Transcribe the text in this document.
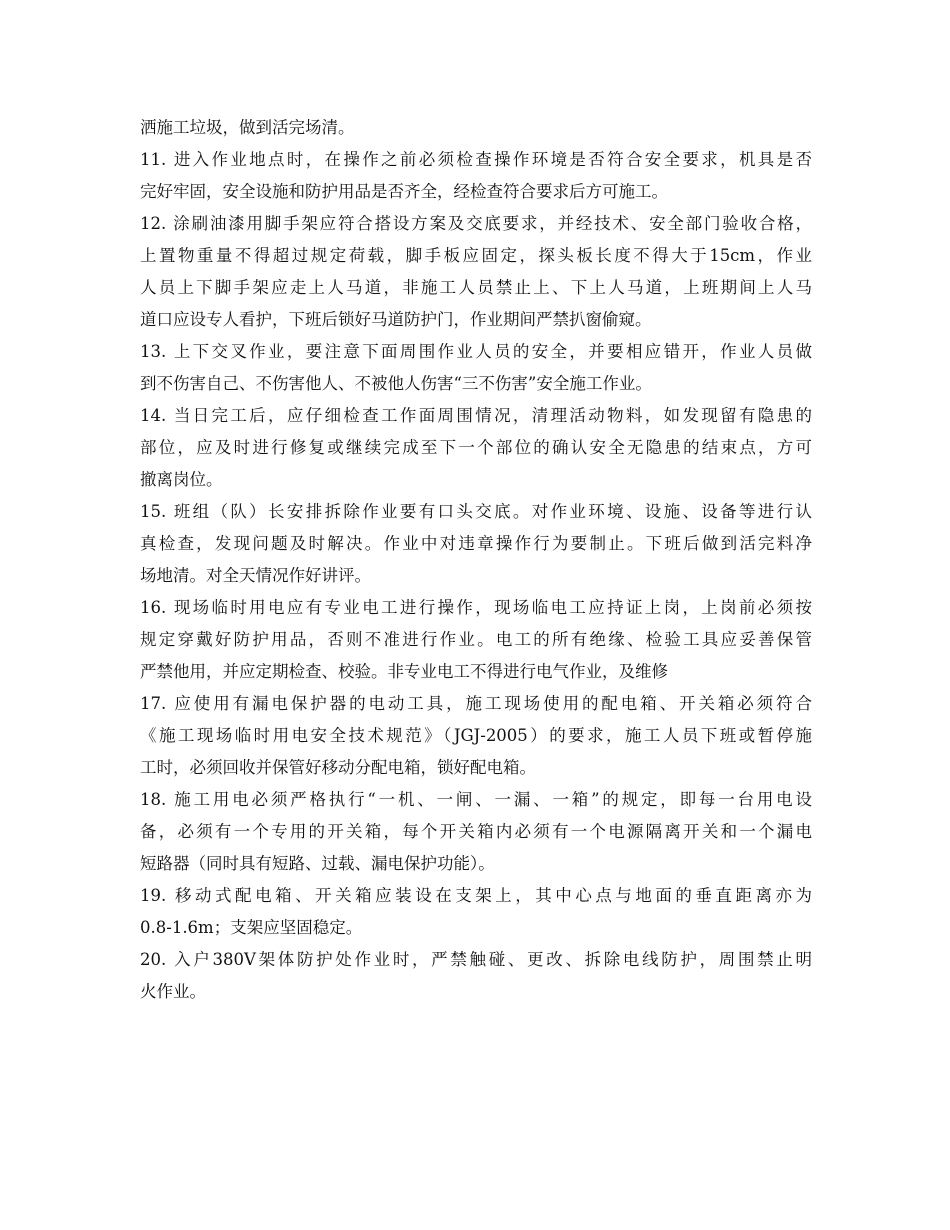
洒施工垃圾，做到活完场清。
11. 进入作业地点时，在操作之前必须检查操作环境是否符合安全要求，机具是否
完好牢固，安全设施和防护用品是否齐全，经检查符合要求后方可施工。
12. 涂刷油漆用脚手架应符合搭设方案及交底要求，并经技术、安全部门验收合格，
上置物重量不得超过规定荷载，脚手板应固定，探头板长度不得大于15cm，作业
人员上下脚手架应走上人马道，非施工人员禁止上、下上人马道，上班期间上人马
道口应设专人看护，下班后锁好马道防护门，作业期间严禁扒窗偷窥。
13. 上下交叉作业，要注意下面周围作业人员的安全，并要相应错开，作业人员做
到不伤害自己、不伤害他人、不被他人伤害“三不伤害”安全施工作业。
14. 当日完工后，应仔细检查工作面周围情况，清理活动物料，如发现留有隐患的
部位，应及时进行修复或继续完成至下一个部位的确认安全无隐患的结束点，方可
撤离岗位。
15. 班组（队）长安排拆除作业要有口头交底。对作业环境、设施、设备等进行认
真检查，发现问题及时解决。作业中对违章操作行为要制止。下班后做到活完料净
场地清。对全天情况作好讲评。
16. 现场临时用电应有专业电工进行操作，现场临电工应持证上岗，上岗前必须按
规定穿戴好防护用品，否则不准进行作业。电工的所有绝缘、检验工具应妥善保管
严禁他用，并应定期检查、校验。非专业电工不得进行电气作业，及维修
17. 应使用有漏电保护器的电动工具，施工现场使用的配电箱、开关箱必须符合
《施工现场临时用电安全技术规范》（JGJ-2005）的要求，施工人员下班或暂停施
工时，必须回收并保管好移动分配电箱，锁好配电箱。
18. 施工用电必须严格执行“一机、一闸、一漏、一箱”的规定，即每一台用电设
备，必须有一个专用的开关箱，每个开关箱内必须有一个电源隔离开关和一个漏电
短路器（同时具有短路、过载、漏电保护功能）。
19. 移动式配电箱、开关箱应装设在支架上，其中心点与地面的垂直距离亦为
0.8-1.6m；支架应坚固稳定。
20. 入户380V架体防护处作业时，严禁触碰、更改、拆除电线防护，周围禁止明
火作业。
